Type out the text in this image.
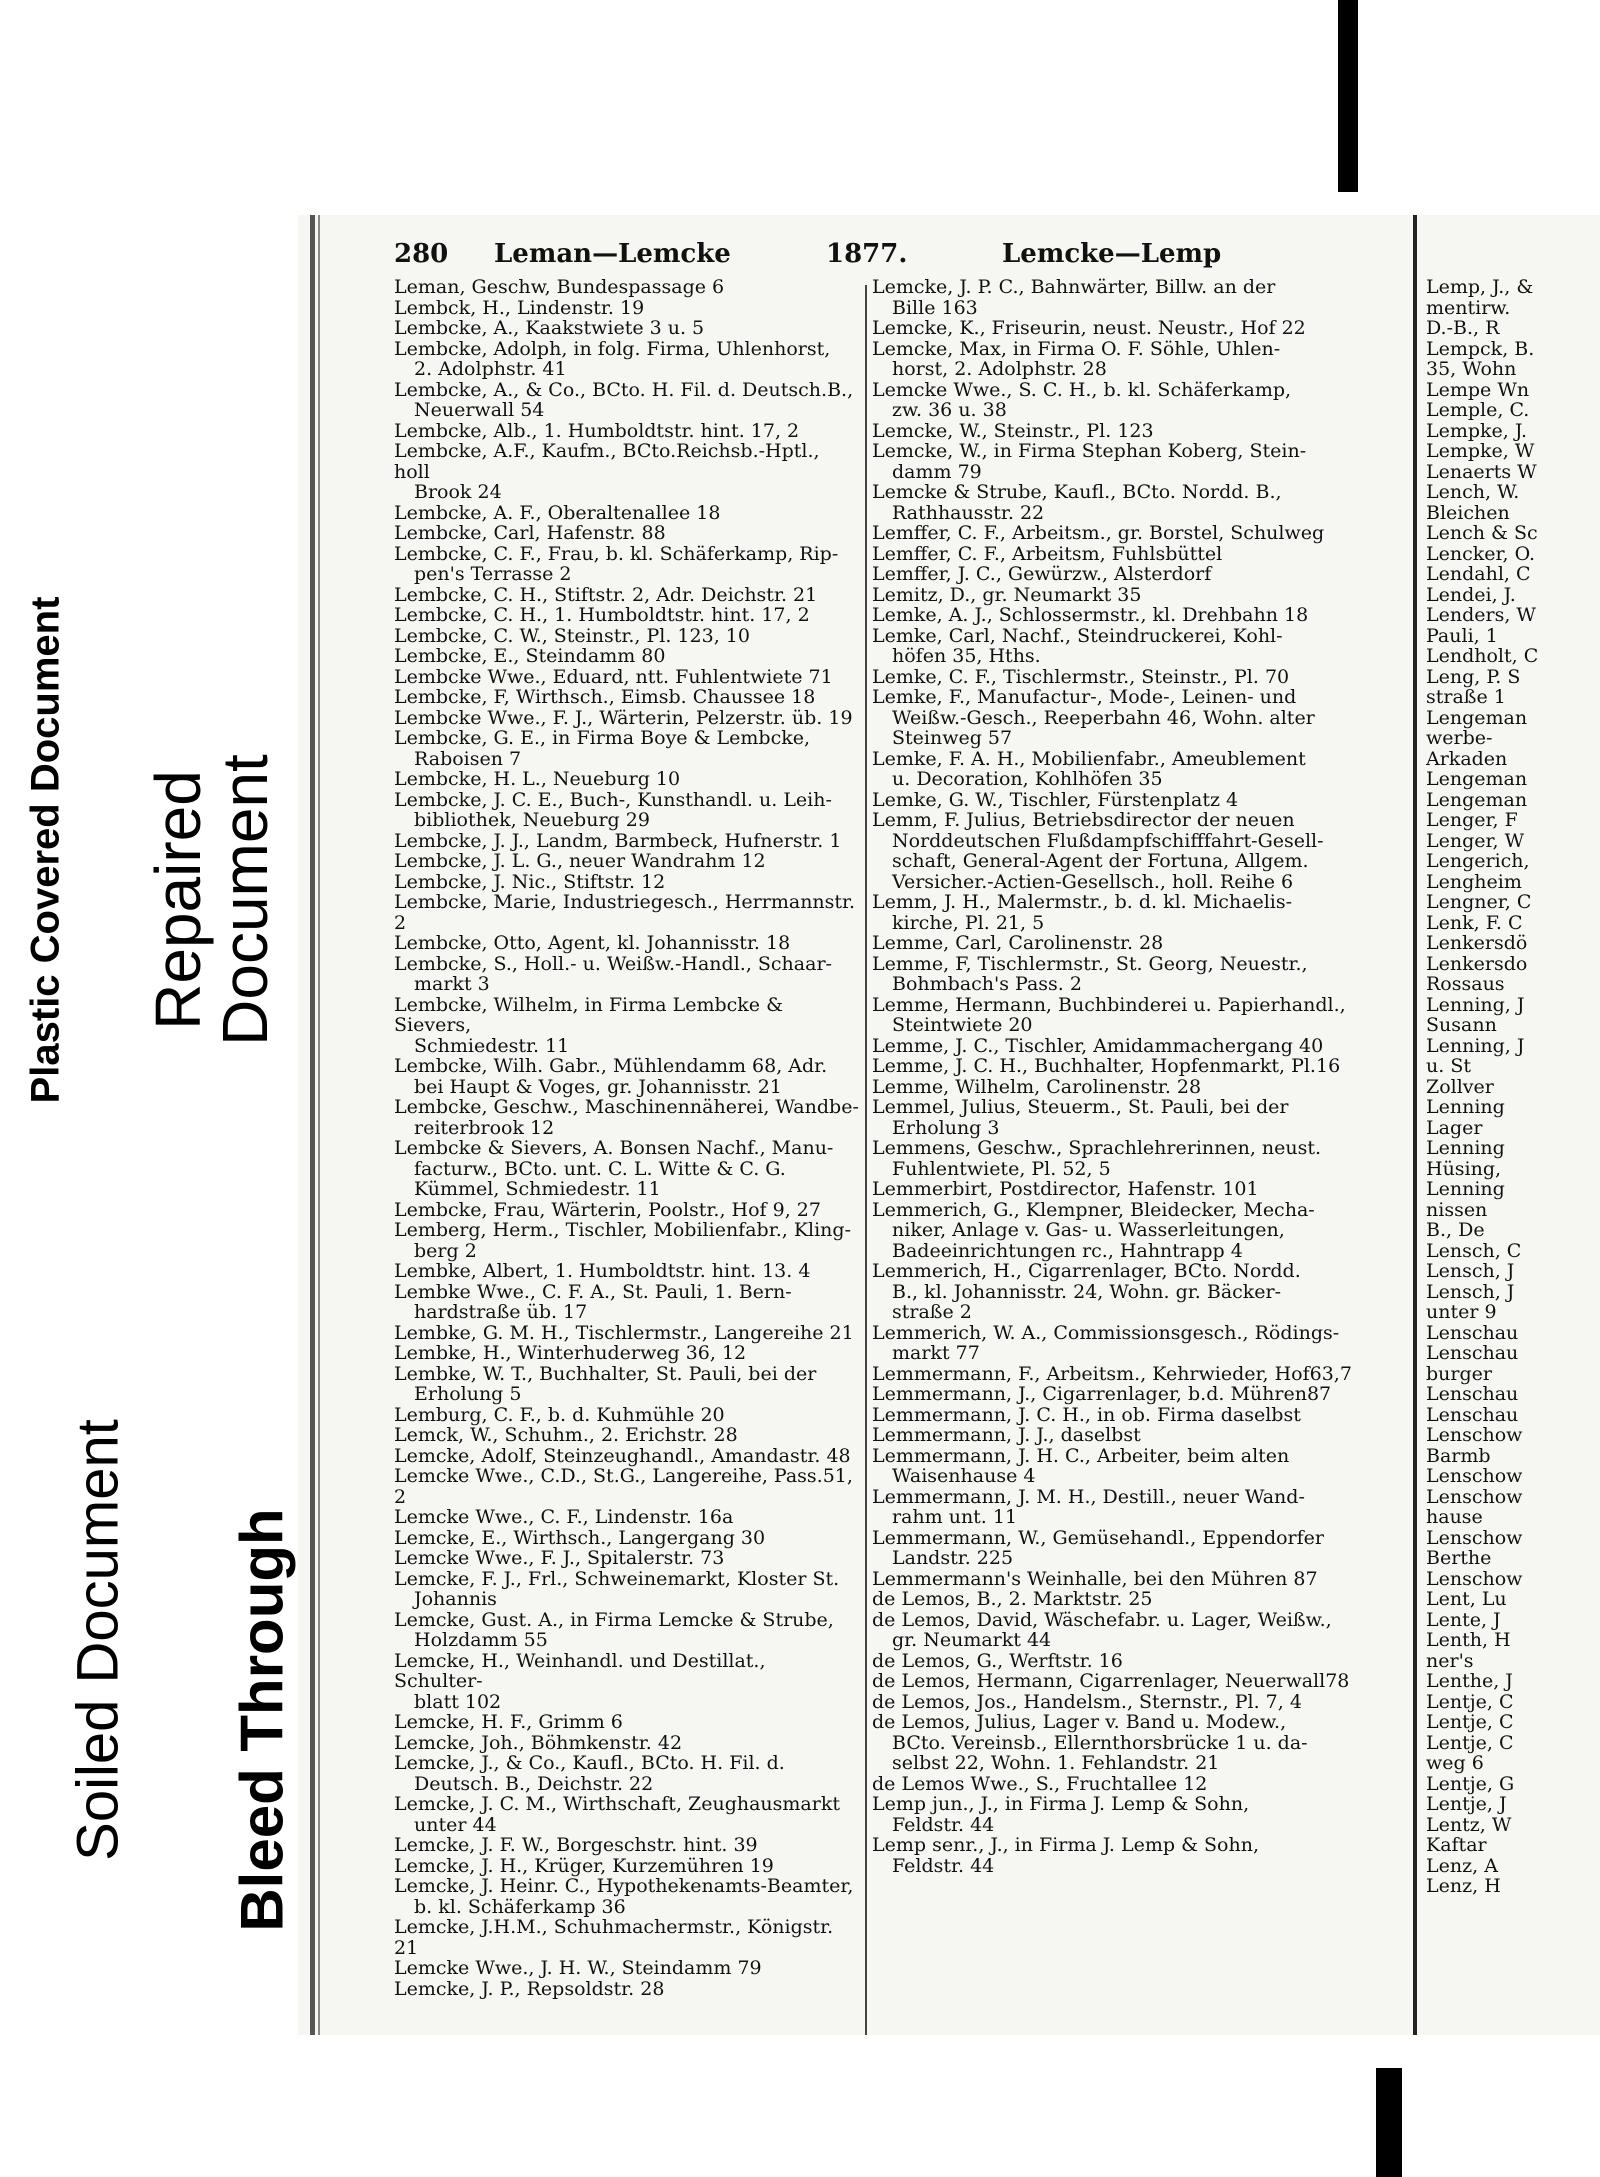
Plastic Covered Document Repaired
Document
Soiled Document Bleed Through
280 Leman—Lemcke	1877.	Lemcke—Lemp
Leman, Geschw, Bundespassage 6
Lembck, H., Lindenstr. 19
Lembcke, A., Kaakstwiete 3 u. 5
Lembcke, Adolph, in folg. Firma, Uhlenhorst,
2. Adolphstr. 41
Lembcke, A., & Co., BCto. H. Fil. d. Deutsch.B.,
Neuerwall 54
Lembcke, Alb., 1. Humboldtstr. hint. 17, 2
Lembcke, A.F., Kaufm., BCto.Reichsb.-Hptl., holl
Brook 24
Lembcke, A. F., Oberaltenallee 18
Lembcke, Carl, Hafenstr. 88
Lembcke, C. F., Frau, b. kl. Schäferkamp, Rip-
pen's Terrasse 2
Lembcke, C. H., Stiftstr. 2, Adr. Deichstr. 21
Lembcke, C. H., 1. Humboldtstr. hint. 17, 2
Lembcke, C. W., Steinstr., Pl. 123, 10
Lembcke, E., Steindamm 80
Lembcke Wwe., Eduard, ntt. Fuhlentwiete 71
Lembcke, F, Wirthsch., Eimsb. Chaussee 18
Lembcke Wwe., F. J., Wärterin, Pelzerstr. üb. 19
Lembcke, G. E., in Firma Boye & Lembcke,
Raboisen 7
Lembcke, H. L., Neueburg 10
Lembcke, J. C. E., Buch-, Kunsthandl. u. Leih-
bibliothek, Neueburg 29
Lembcke, J. J., Landm, Barmbeck, Hufnerstr. 1
Lembcke, J. L. G., neuer Wandrahm 12
Lembcke, J. Nic., Stiftstr. 12
Lembcke, Marie, Industriegesch., Herrmannstr. 2
Lembcke, Otto, Agent, kl. Johannisstr. 18
Lembcke, S., Holl.- u. Weißw.-Handl., Schaar-
markt 3
Lembcke, Wilhelm, in Firma Lembcke & Sievers,
Schmiedestr. 11
Lembcke, Wilh. Gabr., Mühlendamm 68, Adr.
bei Haupt & Voges, gr. Johannisstr. 21
Lembcke, Geschw., Maschinennäherei, Wandbe-
reiterbrook 12
Lembcke & Sievers, A. Bonsen Nachf., Manu-
facturw., BCto. unt. C. L. Witte & C. G.
Kümmel, Schmiedestr. 11
Lembcke, Frau, Wärterin, Poolstr., Hof 9, 27
Lemberg, Herm., Tischler, Mobilienfabr., Kling-
berg 2
Lembke, Albert, 1. Humboldtstr. hint. 13. 4
Lembke Wwe., C. F. A., St. Pauli, 1. Bern-
hardstraße üb. 17
Lembke, G. M. H., Tischlermstr., Langereihe 21
Lembke, H., Winterhuderweg 36, 12
Lembke, W. T., Buchhalter, St. Pauli, bei der
Erholung 5
Lemburg, C. F., b. d. Kuhmühle 20
Lemck, W., Schuhm., 2. Erichstr. 28
Lemcke, Adolf, Steinzeughandl., Amandastr. 48
Lemcke Wwe., C.D., St.G., Langereihe, Pass.51, 2
Lemcke Wwe., C. F., Lindenstr. 16a
Lemcke, E., Wirthsch., Langergang 30
Lemcke Wwe., F. J., Spitalerstr. 73
Lemcke, F. J., Frl., Schweinemarkt, Kloster St.
Johannis
Lemcke, Gust. A., in Firma Lemcke & Strube,
Holzdamm 55
Lemcke, H., Weinhandl. und Destillat., Schulter-
blatt 102
Lemcke, H. F., Grimm 6
Lemcke, Joh., Böhmkenstr. 42
Lemcke, J., & Co., Kaufl., BCto. H. Fil. d.
Deutsch. B., Deichstr. 22
Lemcke, J. C. M., Wirthschaft, Zeughausmarkt
unter 44
Lemcke, J. F. W., Borgeschstr. hint. 39
Lemcke, J. H., Krüger, Kurzemühren 19
Lemcke, J. Heinr. C., Hypothekenamts-Beamter,
b. kl. Schäferkamp 36
Lemcke, J.H.M., Schuhmachermstr., Königstr. 21
Lemcke Wwe., J. H. W., Steindamm 79
Lemcke, J. P., Repsoldstr. 28
Lemcke, J. P. C., Bahnwärter, Billw. an der
Bille 163
Lemcke, K., Friseurin, neust. Neustr., Hof 22
Lemcke, Max, in Firma O. F. Söhle, Uhlen-
horst, 2. Adolphstr. 28
Lemcke Wwe., S. C. H., b. kl. Schäferkamp,
zw. 36 u. 38
Lemcke, W., Steinstr., Pl. 123
Lemcke, W., in Firma Stephan Koberg, Stein-
damm 79
Lemcke & Strube, Kaufl., BCto. Nordd. B.,
Rathhausstr. 22
Lemffer, C. F., Arbeitsm., gr. Borstel, Schulweg
Lemffer, C. F., Arbeitsm, Fuhlsbüttel
Lemffer, J. C., Gewürzw., Alsterdorf
Lemitz, D., gr. Neumarkt 35
Lemke, A. J., Schlossermstr., kl. Drehbahn 18
Lemke, Carl, Nachf., Steindruckerei, Kohl-
höfen 35, Hths.
Lemke, C. F., Tischlermstr., Steinstr., Pl. 70
Lemke, F., Manufactur-, Mode-, Leinen- und
Weißw.-Gesch., Reeperbahn 46, Wohn. alter
Steinweg 57
Lemke, F. A. H., Mobilienfabr., Ameublement
u. Decoration, Kohlhöfen 35
Lemke, G. W., Tischler, Fürstenplatz 4
Lemm, F. Julius, Betriebsdirector der neuen
Norddeutschen Flußdampfschifffahrt-Gesell-
schaft, General-Agent der Fortuna, Allgem.
Versicher.-Actien-Gesellsch., holl. Reihe 6
Lemm, J. H., Malermstr., b. d. kl. Michaelis-
kirche, Pl. 21, 5
Lemme, Carl, Carolinenstr. 28
Lemme, F, Tischlermstr., St. Georg, Neuestr.,
Bohmbach's Pass. 2
Lemme, Hermann, Buchbinderei u. Papierhandl.,
Steintwiete 20
Lemme, J. C., Tischler, Amidammachergang 40
Lemme, J. C. H., Buchhalter, Hopfenmarkt, Pl.16
Lemme, Wilhelm, Carolinenstr. 28
Lemmel, Julius, Steuerm., St. Pauli, bei der
Erholung 3
Lemmens, Geschw., Sprachlehrerinnen, neust.
Fuhlentwiete, Pl. 52, 5
Lemmerbirt, Postdirector, Hafenstr. 101
Lemmerich, G., Klempner, Bleidecker, Mecha-
niker, Anlage v. Gas- u. Wasserleitungen,
Badeeinrichtungen rc., Hahntrapp 4
Lemmerich, H., Cigarrenlager, BCto. Nordd.
B., kl. Johannisstr. 24, Wohn. gr. Bäcker-
straße 2
Lemmerich, W. A., Commissionsgesch., Rödings-
markt 77
Lemmermann, F., Arbeitsm., Kehrwieder, Hof63,7
Lemmermann, J., Cigarrenlager, b.d. Mühren87
Lemmermann, J. C. H., in ob. Firma daselbst
Lemmermann, J. J., daselbst
Lemmermann, J. H. C., Arbeiter, beim alten
Waisenhause 4
Lemmermann, J. M. H., Destill., neuer Wand-
rahm unt. 11
Lemmermann, W., Gemüsehandl., Eppendorfer
Landstr. 225
Lemmermann's Weinhalle, bei den Mühren 87
de Lemos, B., 2. Marktstr. 25
de Lemos, David, Wäschefabr. u. Lager, Weißw.,
gr. Neumarkt 44
de Lemos, G., Werftstr. 16
de Lemos, Hermann, Cigarrenlager, Neuerwall78
de Lemos, Jos., Handelsm., Sternstr., Pl. 7, 4
de Lemos, Julius, Lager v. Band u. Modew.,
BCto. Vereinsb., Ellernthorsbrücke 1 u. da-
selbst 22, Wohn. 1. Fehlandstr. 21
de Lemos Wwe., S., Fruchtallee 12
Lemp jun., J., in Firma J. Lemp & Sohn,
Feldstr. 44
Lemp senr., J., in Firma J. Lemp & Sohn,
Feldstr. 44
Lemp, J., &
mentirw.
D.-B., R
Lempck, B.
35, Wohn
Lempe Wn
Lemple, C.
Lempke, J.
Lempke, W
Lenaerts W
Lench, W.
Bleichen
Lench & Sc
Lencker, O.
Lendahl, C
Lendei, J.
Lenders, W
Pauli, 1
Lendholt, C
Leng, P. S
straße 1
Lengeman
werbe-
Arkaden
Lengeman
Lengeman
Lenger, F
Lenger, W
Lengerich,
Lengheim
Lengner, C
Lenk, F. C
Lenkersdö
Lenkersdo
Rossaus
Lenning, J
Susann
Lenning, J
u. St
Zollver
Lenning
Lager
Lenning
Hüsing,
Lenning
nissen
B., De
Lensch, C
Lensch, J
Lensch, J
unter 9
Lenschau
Lenschau
burger
Lenschau
Lenschau
Lenschow
Barmb
Lenschow
Lenschow
hause
Lenschow
Berthe
Lenschow
Lent, Lu
Lente, J
Lenth, H
ner's
Lenthe, J
Lentje, C
Lentje, C
Lentje, C
weg 6
Lentje, G
Lentje, J
Lentz, W
Kaftar
Lenz, A
Lenz, H
